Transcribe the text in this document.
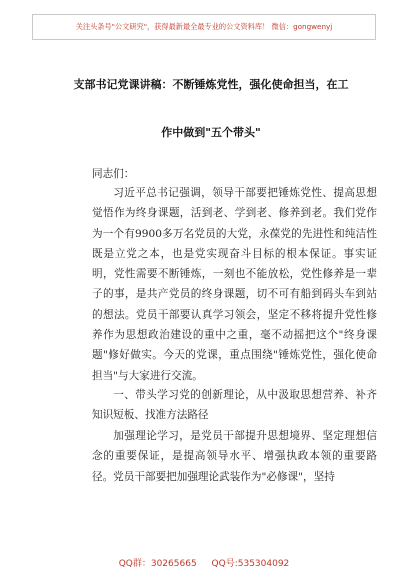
关注头条号"公文研究"，获得最新最全最专业的公文资料库！ 微信：gongwenyj
支部书记党课讲稿：不断锤炼党性，强化使命担当，在工
作中做到"五个带头"
同志们：

习近平总书记强调，领导干部要把锤炼党性、提高思想觉悟作为终身课题，活到老、学到老、修养到老。我们党作为一个有9900多万名党员的大党，永葆党的先进性和纯洁性既是立党之本，也是党实现奋斗目标的根本保证。事实证明，党性需要不断锤炼，一刻也不能放松，党性修养是一辈子的事，是共产党员的终身课题，切不可有船到码头车到站的想法。党员干部要认真学习领会，坚定不移将提升党性修养作为思想政治建设的重中之重，毫不动摇把这个"终身课题"修好做实。今天的党课，重点围绕"锤炼党性，强化使命担当"与大家进行交流。

一、带头学习党的创新理论，从中汲取思想营养、补齐知识短板、找准方法路径

加强理论学习，是党员干部提升思想境界、坚定理想信念的重要保证，是提高领导水平、增强执政本领的重要路径。党员干部要把加强理论武装作为"必修课"，坚持

QQ群：30265665 QQ号:535304092
